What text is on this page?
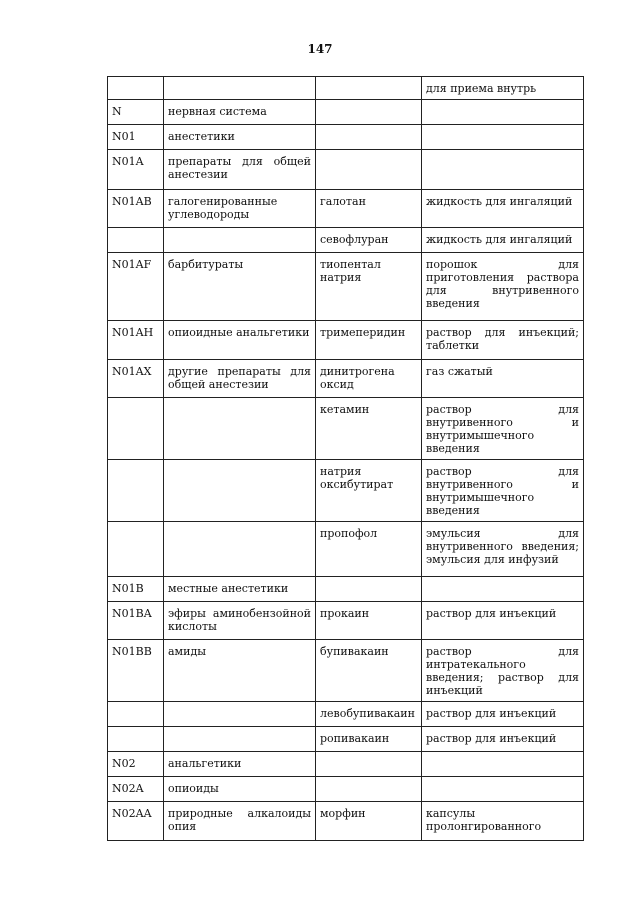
147
			для приема внутрь
N	нервная система		
N01	анестетики		
N01A	препараты для общей анестезии		
N01AB	галогенированные углеводороды	галотан	жидкость для ингаляций
		севофлуран	жидкость для ингаляций
N01AF	барбитураты	тиопентал натрия	порошок для приготовления раствора для внутривенного введения
N01AH	опиоидные анальгетики	тримеперидин	раствор для инъекций; таблетки
N01AX	другие препараты для общей анестезии	динитрогена оксид	газ сжатый
		кетамин	раствор для внутривенного и внутримышечного введения
		натрия оксибутират	раствор для внутривенного и внутримышечного введения
		пропофол	эмульсия для внутривенного введения; эмульсия для инфузий
N01B	местные анестетики		
N01BA	эфиры аминобензойной кислоты	прокаин	раствор для инъекций
N01BB	амиды	бупивакаин	раствор для интратекального введения; раствор для инъекций
		левобупивакаин	раствор для инъекций
		ропивакаин	раствор для инъекций
N02	анальгетики		
N02A	опиоиды		
N02AA	природные алкалоиды опия	морфин	капсулы пролонгированного
